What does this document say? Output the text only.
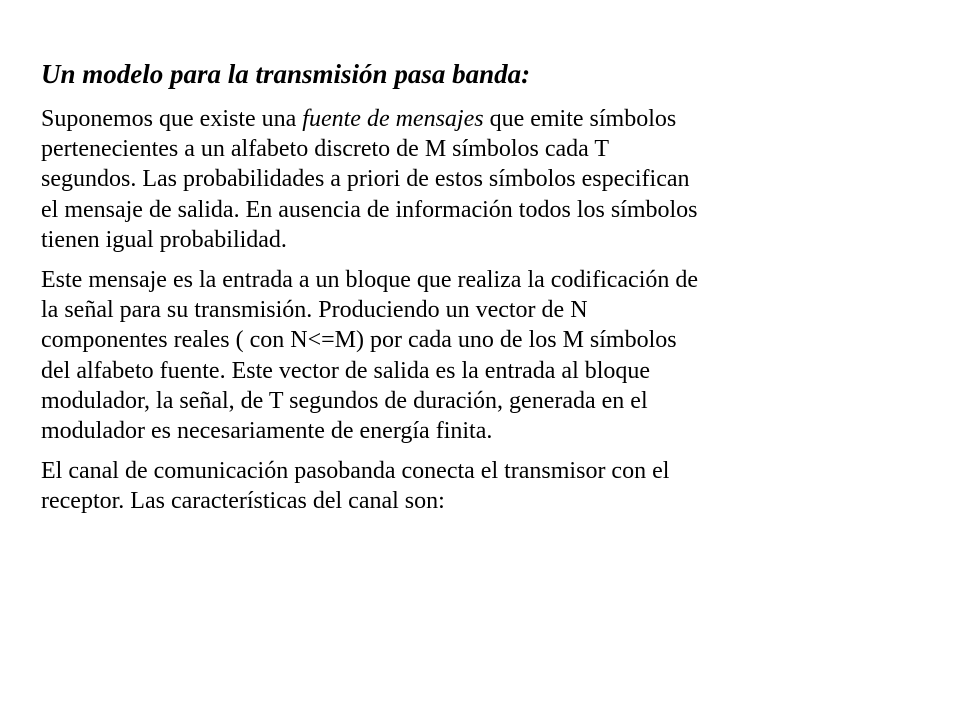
Un modelo para la transmisión pasa banda:
Suponemos que existe una fuente de mensajes que emite símbolos
pertenecientes a un alfabeto discreto de M símbolos cada T
segundos. Las probabilidades a priori de estos símbolos especifican
el mensaje de salida. En ausencia de información todos los símbolos
tienen igual probabilidad.
Este mensaje es la entrada a un bloque que realiza la codificación de
la señal para su transmisión. Produciendo un vector de N
componentes reales ( con N<=M) por cada uno de los M símbolos
del alfabeto fuente. Este vector de salida es la entrada al bloque
modulador, la señal, de T segundos de duración, generada en el
modulador es necesariamente de energía finita.
El canal de comunicación pasobanda conecta el transmisor con el
receptor. Las características del canal son:
